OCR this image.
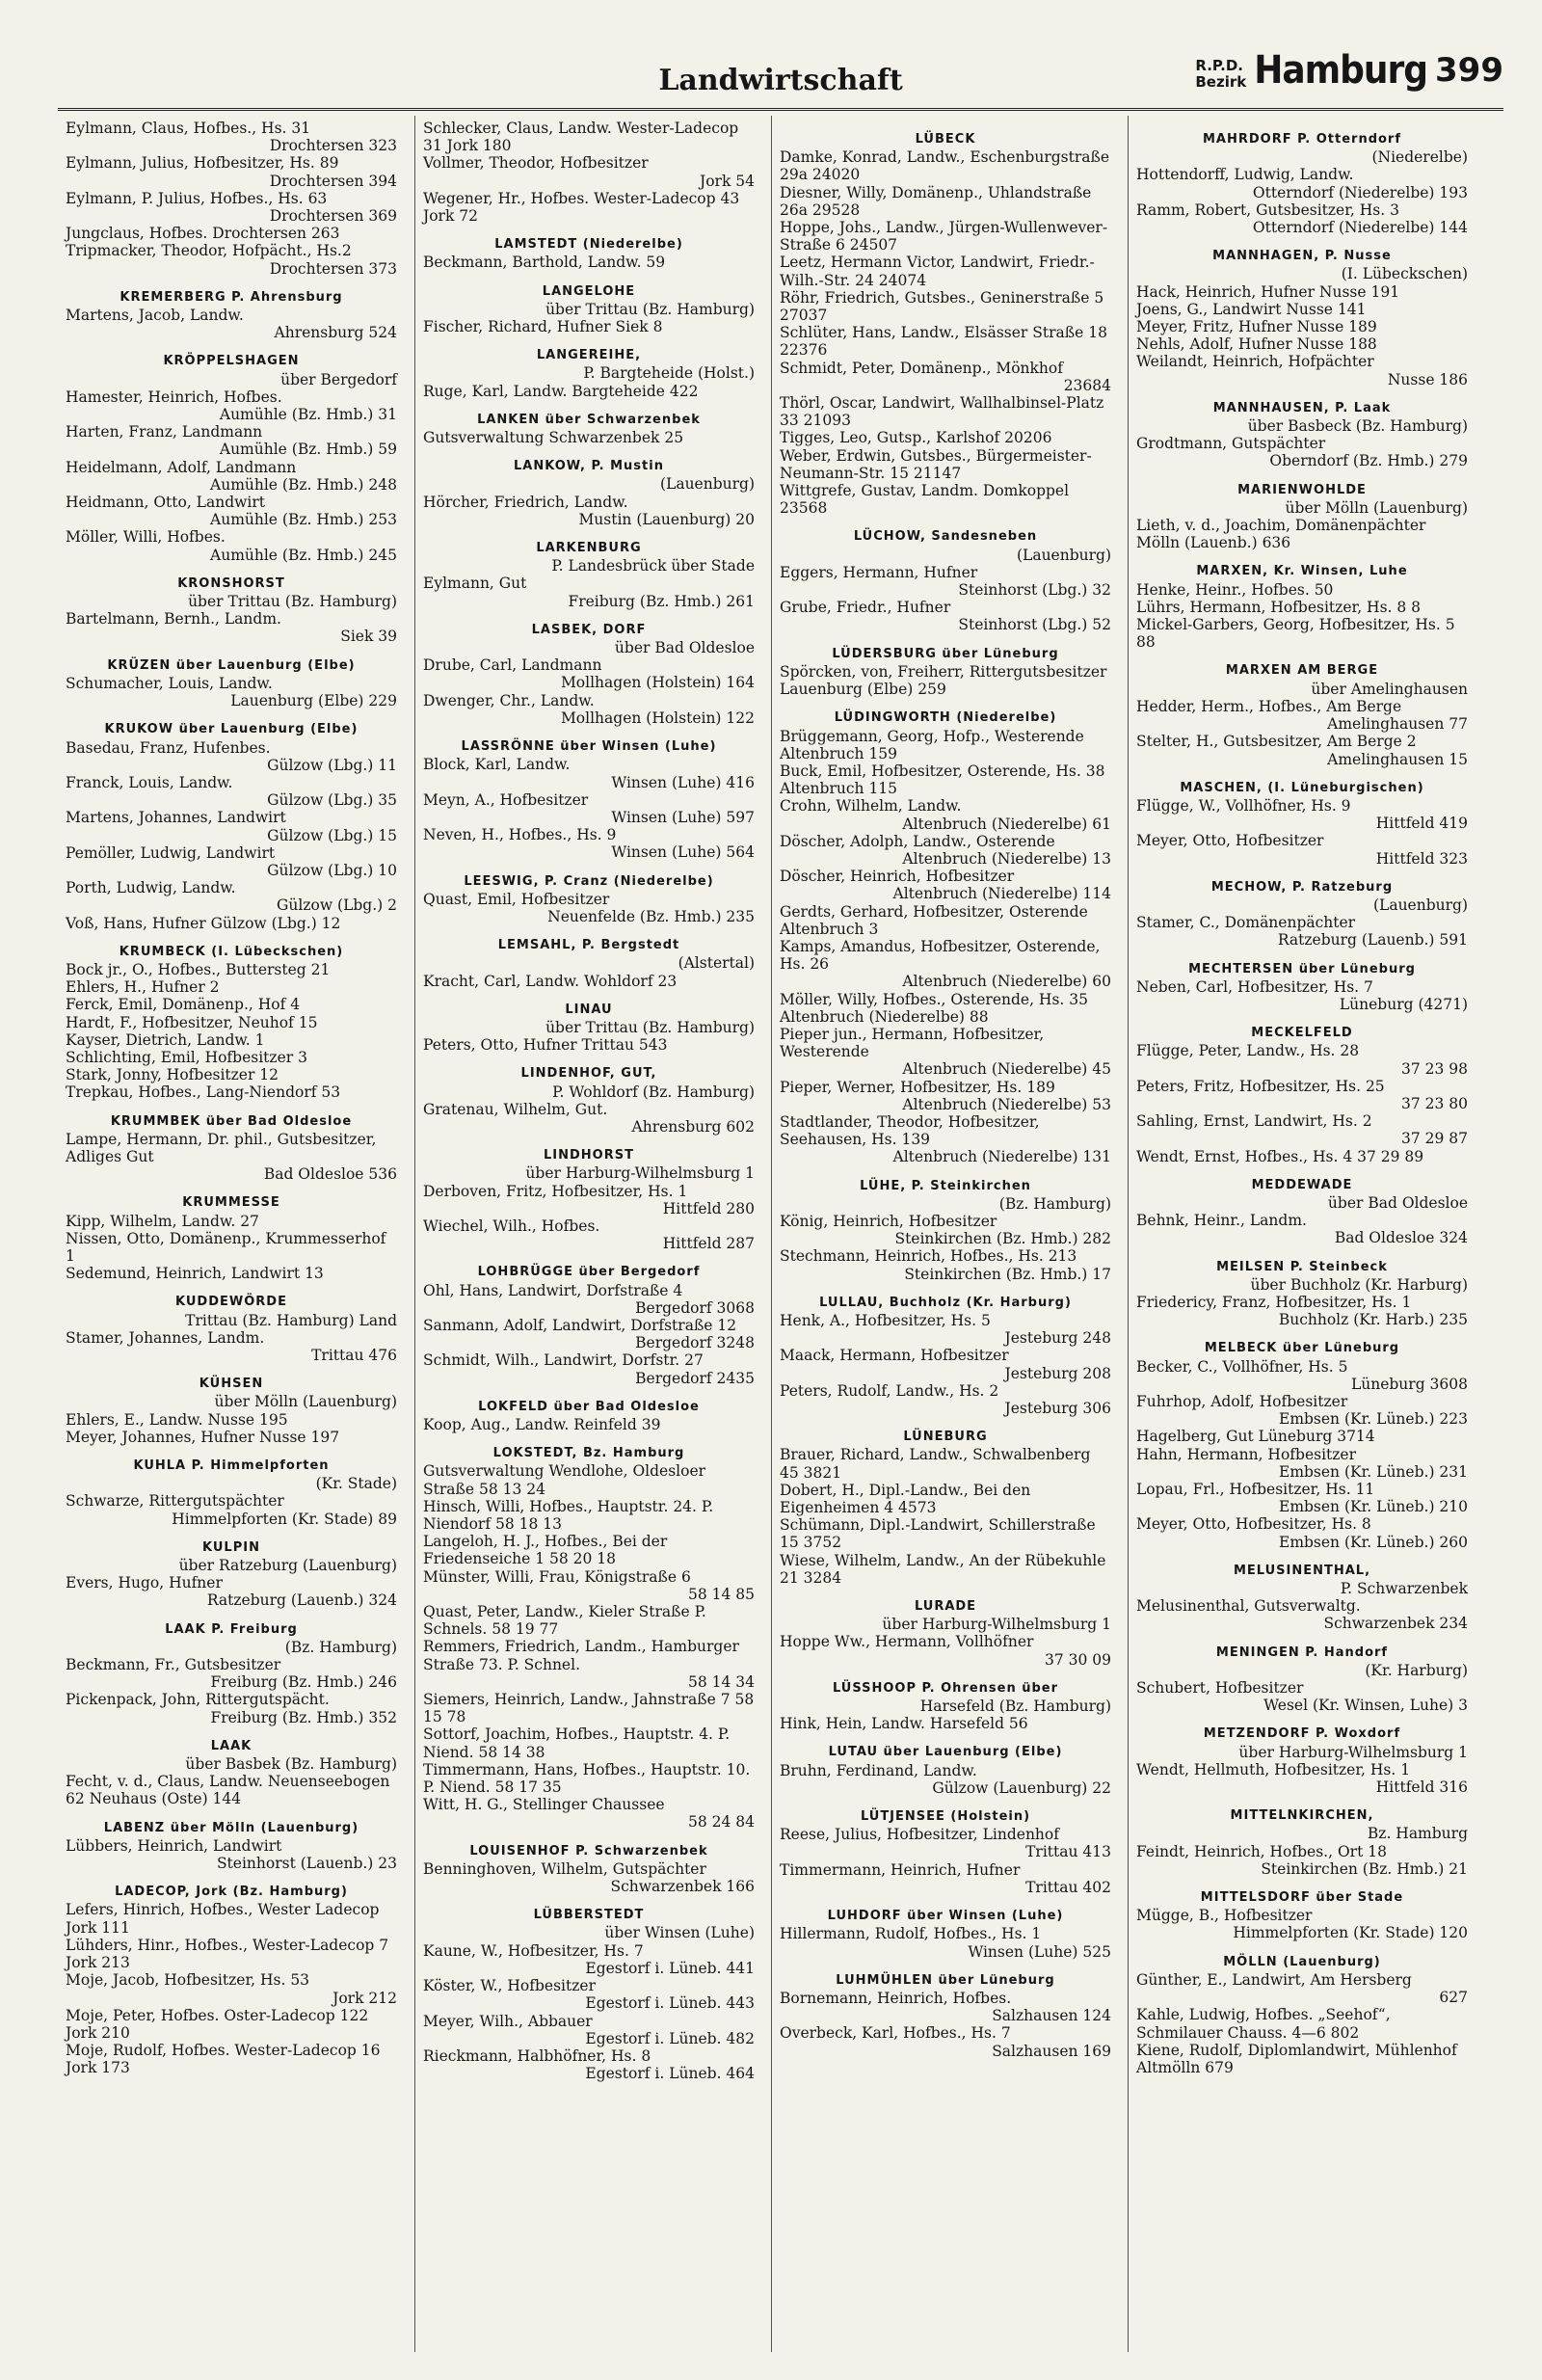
Landwirtschaft	R.P.D.
Bezirk Hamburg 399
Eylmann, Claus, Hofbes., Hs. 31
Drochtersen 323
Eylmann, Julius, Hofbesitzer, Hs. 89
Drochtersen 394
Eylmann, P. Julius, Hofbes., Hs. 63
Drochtersen 369
Jungclaus, Hofbes. Drochtersen 263
Tripmacker, Theodor, Hofpächt., Hs.2
Drochtersen 373
KREMERBERG P. Ahrensburg
Martens, Jacob, Landw.
Ahrensburg 524
KRÖPPELSHAGEN
über Bergedorf
Hamester, Heinrich, Hofbes.
Aumühle (Bz. Hmb.) 31
Harten, Franz, Landmann
Aumühle (Bz. Hmb.) 59
Heidelmann, Adolf, Landmann
Aumühle (Bz. Hmb.) 248
Heidmann, Otto, Landwirt
Aumühle (Bz. Hmb.) 253
Möller, Willi, Hofbes.
Aumühle (Bz. Hmb.) 245
KRONSHORST
über Trittau (Bz. Hamburg)
Bartelmann, Bernh., Landm.
Siek 39
KRÜZEN über Lauenburg (Elbe)
Schumacher, Louis, Landw.
Lauenburg (Elbe) 229
KRUKOW über Lauenburg (Elbe)
Basedau, Franz, Hufenbes.
Gülzow (Lbg.) 11
Franck, Louis, Landw.
Gülzow (Lbg.) 35
Martens, Johannes, Landwirt
Gülzow (Lbg.) 15
Pemöller, Ludwig, Landwirt
Gülzow (Lbg.) 10
Porth, Ludwig, Landw.
Gülzow (Lbg.) 2
Voß, Hans, Hufner Gülzow (Lbg.) 12
KRUMBECK (I. Lübeckschen)
Bock jr., O., Hofbes., Buttersteg 21
Ehlers, H., Hufner 2
Ferck, Emil, Domänenp., Hof 4
Hardt, F., Hofbesitzer, Neuhof 15
Kayser, Dietrich, Landw. 1
Schlichting, Emil, Hofbesitzer 3
Stark, Jonny, Hofbesitzer 12
Trepkau, Hofbes., Lang-Niendorf 53
KRUMMBEK über Bad Oldesloe
Lampe, Hermann, Dr. phil., Gutsbesitzer, Adliges Gut
Bad Oldesloe 536
KRUMMESSE
Kipp, Wilhelm, Landw. 27
Nissen, Otto, Domänenp., Krummesserhof 1
Sedemund, Heinrich, Landwirt 13
KUDDEWÖRDE
Trittau (Bz. Hamburg) Land
Stamer, Johannes, Landm.
Trittau 476
KÜHSEN
über Mölln (Lauenburg)
Ehlers, E., Landw. Nusse 195
Meyer, Johannes, Hufner Nusse 197
KUHLA P. Himmelpforten
(Kr. Stade)
Schwarze, Rittergutspächter
Himmelpforten (Kr. Stade) 89
KULPIN
über Ratzeburg (Lauenburg)
Evers, Hugo, Hufner
Ratzeburg (Lauenb.) 324
LAAK P. Freiburg
(Bz. Hamburg)
Beckmann, Fr., Gutsbesitzer
Freiburg (Bz. Hmb.) 246
Pickenpack, John, Rittergutspächt.
Freiburg (Bz. Hmb.) 352
LAAK
über Basbek (Bz. Hamburg)
Fecht, v. d., Claus, Landw. Neuenseebogen 62 Neuhaus (Oste) 144
LABENZ über Mölln (Lauenburg)
Lübbers, Heinrich, Landwirt
Steinhorst (Lauenb.) 23
LADECOP, Jork (Bz. Hamburg)
Lefers, Hinrich, Hofbes., Wester Ladecop Jork 111
Lühders, Hinr., Hofbes., Wester-Ladecop 7 Jork 213
Moje, Jacob, Hofbesitzer, Hs. 53
Jork 212
Moje, Peter, Hofbes. Oster-Ladecop 122 Jork 210
Moje, Rudolf, Hofbes. Wester-Ladecop 16 Jork 173
Schlecker, Claus, Landw. Wester-Ladecop 31 Jork 180
Vollmer, Theodor, Hofbesitzer
Jork 54
Wegener, Hr., Hofbes. Wester-Ladecop 43 Jork 72
LAMSTEDT (Niederelbe)
Beckmann, Barthold, Landw. 59
LANGELOHE
über Trittau (Bz. Hamburg)
Fischer, Richard, Hufner Siek 8
LANGEREIHE,
P. Bargteheide (Holst.)
Ruge, Karl, Landw. Bargteheide 422
LANKEN über Schwarzenbek
Gutsverwaltung Schwarzenbek 25
LANKOW, P. Mustin
(Lauenburg)
Hörcher, Friedrich, Landw.
Mustin (Lauenburg) 20
LARKENBURG
P. Landesbrück über Stade
Eylmann, Gut
Freiburg (Bz. Hmb.) 261
LASBEK, DORF
über Bad Oldesloe
Drube, Carl, Landmann
Mollhagen (Holstein) 164
Dwenger, Chr., Landw.
Mollhagen (Holstein) 122
LASSRÖNNE über Winsen (Luhe)
Block, Karl, Landw.
Winsen (Luhe) 416
Meyn, A., Hofbesitzer
Winsen (Luhe) 597
Neven, H., Hofbes., Hs. 9
Winsen (Luhe) 564
LEESWIG, P. Cranz (Niederelbe)
Quast, Emil, Hofbesitzer
Neuenfelde (Bz. Hmb.) 235
LEMSAHL, P. Bergstedt
(Alstertal)
Kracht, Carl, Landw. Wohldorf 23
LINAU
über Trittau (Bz. Hamburg)
Peters, Otto, Hufner Trittau 543
LINDENHOF, GUT,
P. Wohldorf (Bz. Hamburg)
Gratenau, Wilhelm, Gut.
Ahrensburg 602
LINDHORST
über Harburg-Wilhelmsburg 1
Derboven, Fritz, Hofbesitzer, Hs. 1
Hittfeld 280
Wiechel, Wilh., Hofbes.
Hittfeld 287
LOHBRÜGGE über Bergedorf
Ohl, Hans, Landwirt, Dorfstraße 4
Bergedorf 3068
Sanmann, Adolf, Landwirt, Dorfstraße 12
Bergedorf 3248
Schmidt, Wilh., Landwirt, Dorfstr. 27
Bergedorf 2435
LOKFELD über Bad Oldesloe
Koop, Aug., Landw. Reinfeld 39
LOKSTEDT, Bz. Hamburg
Gutsverwaltung Wendlohe, Oldesloer Straße 58 13 24
Hinsch, Willi, Hofbes., Hauptstr. 24. P. Niendorf 58 18 13
Langeloh, H. J., Hofbes., Bei der Friedenseiche 1 58 20 18
Münster, Willi, Frau, Königstraße 6
58 14 85
Quast, Peter, Landw., Kieler Straße P. Schnels. 58 19 77
Remmers, Friedrich, Landm., Hamburger Straße 73. P. Schnel.
58 14 34
Siemers, Heinrich, Landw., Jahnstraße 7 58 15 78
Sottorf, Joachim, Hofbes., Hauptstr. 4. P. Niend. 58 14 38
Timmermann, Hans, Hofbes., Hauptstr. 10. P. Niend. 58 17 35
Witt, H. G., Stellinger Chaussee
58 24 84
LOUISENHOF P. Schwarzenbek
Benninghoven, Wilhelm, Gutspächter
Schwarzenbek 166
LÜBBERSTEDT
über Winsen (Luhe)
Kaune, W., Hofbesitzer, Hs. 7
Egestorf i. Lüneb. 441
Köster, W., Hofbesitzer
Egestorf i. Lüneb. 443
Meyer, Wilh., Abbauer
Egestorf i. Lüneb. 482
Rieckmann, Halbhöfner, Hs. 8
Egestorf i. Lüneb. 464
LÜBECK
Damke, Konrad, Landw., Eschenburgstraße 29a 24020
Diesner, Willy, Domänenp., Uhlandstraße 26a 29528
Hoppe, Johs., Landw., Jürgen-Wullenwever-Straße 6 24507
Leetz, Hermann Victor, Landwirt, Friedr.-Wilh.-Str. 24 24074
Röhr, Friedrich, Gutsbes., Geninerstraße 5 27037
Schlüter, Hans, Landw., Elsässer Straße 18 22376
Schmidt, Peter, Domänenp., Mönkhof
23684
Thörl, Oscar, Landwirt, Wallhalbinsel-Platz 33 21093
Tigges, Leo, Gutsp., Karlshof 20206
Weber, Erdwin, Gutsbes., Bürgermeister-Neumann-Str. 15 21147
Wittgrefe, Gustav, Landm. Domkoppel 23568
LÜCHOW, Sandesneben
(Lauenburg)
Eggers, Hermann, Hufner
Steinhorst (Lbg.) 32
Grube, Friedr., Hufner
Steinhorst (Lbg.) 52
LÜDERSBURG über Lüneburg
Spörcken, von, Freiherr, Rittergutsbesitzer Lauenburg (Elbe) 259
LÜDINGWORTH (Niederelbe)
Brüggemann, Georg, Hofp., Westerende Altenbruch 159
Buck, Emil, Hofbesitzer, Osterende, Hs. 38 Altenbruch 115
Crohn, Wilhelm, Landw.
Altenbruch (Niederelbe) 61
Döscher, Adolph, Landw., Osterende
Altenbruch (Niederelbe) 13
Döscher, Heinrich, Hofbesitzer
Altenbruch (Niederelbe) 114
Gerdts, Gerhard, Hofbesitzer, Osterende Altenbruch 3
Kamps, Amandus, Hofbesitzer, Osterende, Hs. 26
Altenbruch (Niederelbe) 60
Möller, Willy, Hofbes., Osterende, Hs. 35 Altenbruch (Niederelbe) 88
Pieper jun., Hermann, Hofbesitzer, Westerende
Altenbruch (Niederelbe) 45
Pieper, Werner, Hofbesitzer, Hs. 189
Altenbruch (Niederelbe) 53
Stadtlander, Theodor, Hofbesitzer, Seehausen, Hs. 139
Altenbruch (Niederelbe) 131
LÜHE, P. Steinkirchen
(Bz. Hamburg)
König, Heinrich, Hofbesitzer
Steinkirchen (Bz. Hmb.) 282
Stechmann, Heinrich, Hofbes., Hs. 213
Steinkirchen (Bz. Hmb.) 17
LULLAU, Buchholz (Kr. Harburg)
Henk, A., Hofbesitzer, Hs. 5
Jesteburg 248
Maack, Hermann, Hofbesitzer
Jesteburg 208
Peters, Rudolf, Landw., Hs. 2
Jesteburg 306
LÜNEBURG
Brauer, Richard, Landw., Schwalbenberg 45 3821
Dobert, H., Dipl.-Landw., Bei den Eigenheimen 4 4573
Schümann, Dipl.-Landwirt, Schillerstraße 15 3752
Wiese, Wilhelm, Landw., An der Rübekuhle 21 3284
LURADE
über Harburg-Wilhelmsburg 1
Hoppe Ww., Hermann, Vollhöfner
37 30 09
LÜSSHOOP P. Ohrensen über
Harsefeld (Bz. Hamburg)
Hink, Hein, Landw. Harsefeld 56
LUTAU über Lauenburg (Elbe)
Bruhn, Ferdinand, Landw.
Gülzow (Lauenburg) 22
LÜTJENSEE (Holstein)
Reese, Julius, Hofbesitzer, Lindenhof
Trittau 413
Timmermann, Heinrich, Hufner
Trittau 402
LUHDORF über Winsen (Luhe)
Hillermann, Rudolf, Hofbes., Hs. 1
Winsen (Luhe) 525
LUHMÜHLEN über Lüneburg
Bornemann, Heinrich, Hofbes.
Salzhausen 124
Overbeck, Karl, Hofbes., Hs. 7
Salzhausen 169
MAHRDORF P. Otterndorf
(Niederelbe)
Hottendorff, Ludwig, Landw.
Otterndorf (Niederelbe) 193
Ramm, Robert, Gutsbesitzer, Hs. 3
Otterndorf (Niederelbe) 144
MANNHAGEN, P. Nusse
(I. Lübeckschen)
Hack, Heinrich, Hufner Nusse 191
Joens, G., Landwirt Nusse 141
Meyer, Fritz, Hufner Nusse 189
Nehls, Adolf, Hufner Nusse 188
Weilandt, Heinrich, Hofpächter
Nusse 186
MANNHAUSEN, P. Laak
über Basbeck (Bz. Hamburg)
Grodtmann, Gutspächter
Oberndorf (Bz. Hmb.) 279
MARIENWOHLDE
über Mölln (Lauenburg)
Lieth, v. d., Joachim, Domänenpächter Mölln (Lauenb.) 636
MARXEN, Kr. Winsen, Luhe
Henke, Heinr., Hofbes. 50
Lührs, Hermann, Hofbesitzer, Hs. 8 8
Mickel-Garbers, Georg, Hofbesitzer, Hs. 5 88
MARXEN AM BERGE
über Amelinghausen
Hedder, Herm., Hofbes., Am Berge
Amelinghausen 77
Stelter, H., Gutsbesitzer, Am Berge 2
Amelinghausen 15
MASCHEN, (I. Lüneburgischen)
Flügge, W., Vollhöfner, Hs. 9
Hittfeld 419
Meyer, Otto, Hofbesitzer
Hittfeld 323
MECHOW, P. Ratzeburg
(Lauenburg)
Stamer, C., Domänenpächter
Ratzeburg (Lauenb.) 591
MECHTERSEN über Lüneburg
Neben, Carl, Hofbesitzer, Hs. 7
Lüneburg (4271)
MECKELFELD
Flügge, Peter, Landw., Hs. 28
37 23 98
Peters, Fritz, Hofbesitzer, Hs. 25
37 23 80
Sahling, Ernst, Landwirt, Hs. 2
37 29 87
Wendt, Ernst, Hofbes., Hs. 4 37 29 89
MEDDEWADE
über Bad Oldesloe
Behnk, Heinr., Landm.
Bad Oldesloe 324
MEILSEN P. Steinbeck
über Buchholz (Kr. Harburg)
Friedericy, Franz, Hofbesitzer, Hs. 1
Buchholz (Kr. Harb.) 235
MELBECK über Lüneburg
Becker, C., Vollhöfner, Hs. 5
Lüneburg 3608
Fuhrhop, Adolf, Hofbesitzer
Embsen (Kr. Lüneb.) 223
Hagelberg, Gut Lüneburg 3714
Hahn, Hermann, Hofbesitzer
Embsen (Kr. Lüneb.) 231
Lopau, Frl., Hofbesitzer, Hs. 11
Embsen (Kr. Lüneb.) 210
Meyer, Otto, Hofbesitzer, Hs. 8
Embsen (Kr. Lüneb.) 260
MELUSINENTHAL,
P. Schwarzenbek
Melusinenthal, Gutsverwaltg.
Schwarzenbek 234
MENINGEN P. Handorf
(Kr. Harburg)
Schubert, Hofbesitzer
Wesel (Kr. Winsen, Luhe) 3
METZENDORF P. Woxdorf
über Harburg-Wilhelmsburg 1
Wendt, Hellmuth, Hofbesitzer, Hs. 1
Hittfeld 316
MITTELNKIRCHEN,
Bz. Hamburg
Feindt, Heinrich, Hofbes., Ort 18
Steinkirchen (Bz. Hmb.) 21
MITTELSDORF über Stade
Mügge, B., Hofbesitzer
Himmelpforten (Kr. Stade) 120
MÖLLN (Lauenburg)
Günther, E., Landwirt, Am Hersberg
627
Kahle, Ludwig, Hofbes. „Seehof“, Schmilauer Chauss. 4—6 802
Kiene, Rudolf, Diplomlandwirt, Mühlenhof Altmölln 679
